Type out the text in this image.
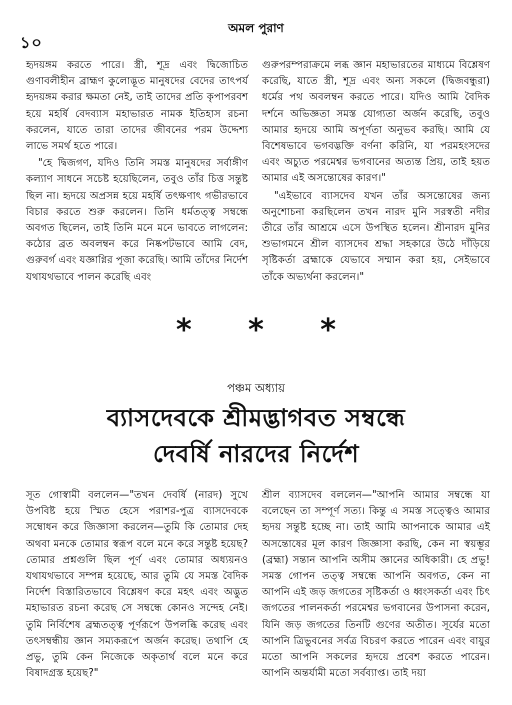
১০
অমল পুরাণ

হৃদয়ঙ্গম করতে পারে। স্ত্রী, শূদ্র এবং দ্বিজোচিত গুণাবলীহীন ব্রাহ্মণ কুলোদ্ভূত মানুষদের বেদের তাৎপর্য হৃদয়ঙ্গম করার ক্ষমতা নেই, তাই তাদের প্রতি কৃপাপরবশ হয়ে মহর্ষি বেদব্যাস মহাভারত নামক ইতিহাস রচনা করলেন, যাতে তারা তাদের জীবনের পরম উদ্দেশ্য লাভে সমর্থ হতে পারে।

"হে দ্বিজগণ, যদিও তিনি সমস্ত মানুষদের সর্বাঙ্গীণ কল্যাণ সাধনে সচেষ্ট হয়েছিলেন, তবুও তাঁর চিত্ত সন্তুষ্ট ছিল না। হৃদয়ে অপ্রসন্ন হয়ে মহর্ষি তৎক্ষণাৎ গভীরভাবে বিচার করতে শুরু করলেন। তিনি ধর্মতত্ত্ব সম্বন্ধে অবগত ছিলেন, তাই তিনি মনে মনে ভাবতে লাগলেন: কঠোর ব্রত অবলম্বন করে নিষ্কপটভাবে আমি বেদ, গুরুবর্গ এবং যজ্ঞাগ্নির পূজা করেছি। আমি তাঁদের নির্দেশ যথাযথভাবে পালন করেছি এবং

গুরুপরম্পরাক্রমে লব্ধ জ্ঞান মহাভারতের মাধ্যমে বিশ্লেষণ করেছি, যাতে স্ত্রী, শূদ্র এবং অন্য সকলে (দ্বিজবন্ধুরা) ধর্মের পথ অবলম্বন করতে পারে। যদিও আমি বৈদিক দর্শনে অভিজ্ঞতা সমস্ত যোগ্যতা অর্জন করেছি, তবুও আমার হৃদয়ে আমি অপূর্ণতা অনুভব করছি। আমি যে বিশেষভাবে ভগবদ্ভক্তি বর্ণনা করিনি, যা পরমহংসদের এবং অচ্যুত পরমেশ্বর ভগবানের অত্যন্ত প্রিয়, তাই হয়ত আমার এই অসন্তোষের কারণ।"

"এইভাবে ব্যাসদেব যখন তাঁর অসন্তোষের জন্য অনুশোচনা করছিলেন তখন নারদ মুনি সরস্বতী নদীর তীরে তাঁর আশ্রমে এসে উপস্থিত হলেন। শ্রীনারদ মুনির শুভাগমনে শ্রীল ব্যাসদেব শ্রদ্ধা সহকারে উঠে দাঁড়িয়ে সৃষ্টিকর্তা ব্রহ্মাকে যেভাবে সম্মান করা হয়, সেইভাবে তাঁকে অভ্যর্থনা করলেন।"

* * *
পঞ্চম অধ্যায়
ব্যাসদেবকে শ্রীমদ্ভাগবত সম্বন্ধে
দেবর্ষি নারদের নির্দেশ

সূত গোস্বামী বললেন—"তখন দেবর্ষি (নারদ) সুখে উপবিষ্ট হয়ে স্মিত হেসে পরাশর-পুত্র ব্যাসদেবকে সম্বোধন করে জিজ্ঞাসা করলেন—তুমি কি তোমার দেহ অথবা মনকে তোমার স্বরূপ বলে মনে করে সন্তুষ্ট হয়েছ? তোমার প্রশ্নগুলি ছিল পূর্ণ এবং তোমার অধ্যয়নও যথাযথভাবে সম্পন্ন হয়েছে, আর তুমি যে সমস্ত বৈদিক নির্দেশ বিস্তারিতভাবে বিশ্লেষণ করে মহৎ এবং অদ্ভুত মহাভারত রচনা করেছ সে সম্বন্ধে কোনও সন্দেহ নেই। তুমি নির্বিশেষ ব্রহ্মতত্ত্ব পূর্ণরূপে উপলব্ধি করেছ এবং তৎসম্বন্ধীয় জ্ঞান সম্যকরূপে অর্জন করেছ। তথাপি হে প্রভু, তুমি কেন নিজেকে অকৃতার্থ বলে মনে করে বিষাদগ্রস্ত হয়েছ?"

শ্রীল ব্যাসদেব বললেন—"আপনি আমার সম্বন্ধে যা বলেছেন তা সম্পূর্ণ সত্য। কিন্তু এ সমস্ত সত্ত্বেও আমার হৃদয় সন্তুষ্ট হচ্ছে না। তাই আমি আপনাকে আমার এই অসন্তোষের মূল কারণ জিজ্ঞাসা করছি, কেন না স্বয়ম্ভূর (ব্রহ্মা) সন্তান আপনি অসীম জ্ঞানের অধিকারী। হে প্রভু! সমস্ত গোপন তত্ত্ব সম্বন্ধে আপনি অবগত, কেন না আপনি এই জড় জগতের সৃষ্টিকর্তা ও ধ্বংসকর্তা এবং চিৎ জগতের পালনকর্তা পরমেশ্বর ভগবানের উপাসনা করেন, যিনি জড় জগতের তিনটি গুণের অতীত। সূর্যের মতো আপনি ত্রিভুবনের সর্বত্র বিচরণ করতে পারেন এবং বায়ুর মতো আপনি সকলের হৃদয়ে প্রবেশ করতে পারেন। আপনি অন্তর্যামী মতো সর্বব্যাপ্ত। তাই দয়া
